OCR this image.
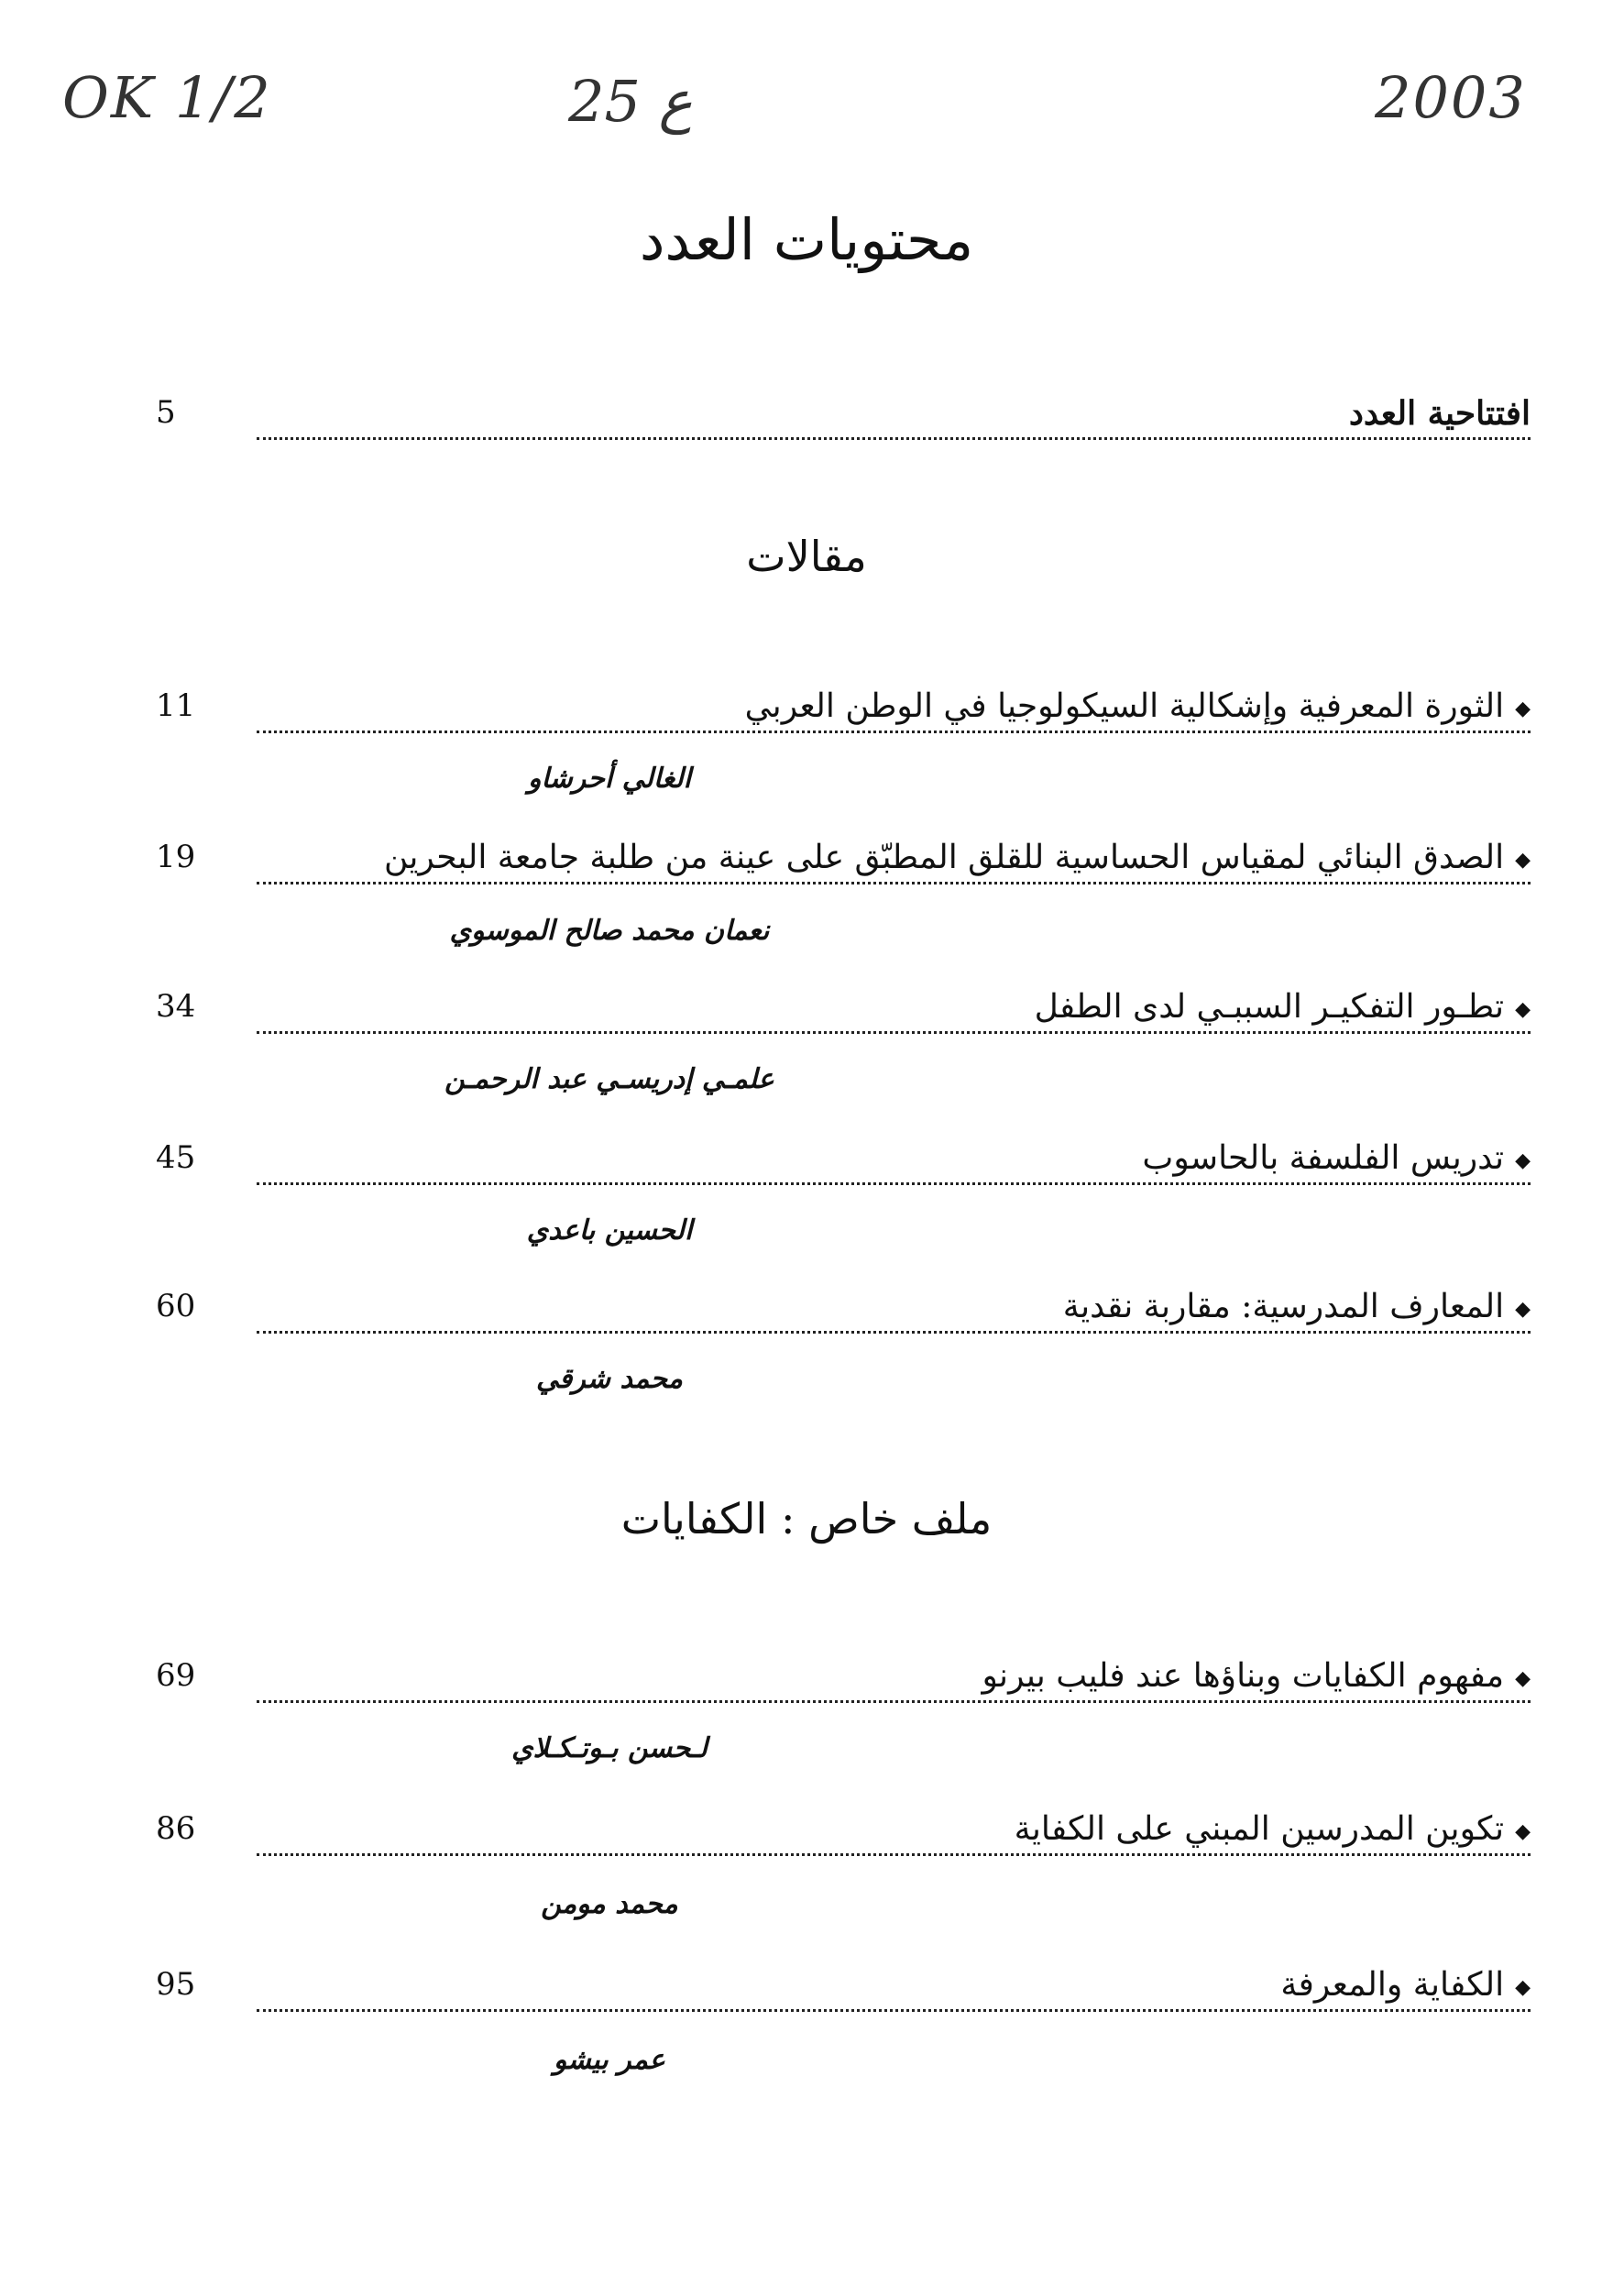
OK 1/2	25 ع	2003
محتويات العدد
5	افتتاحية العدد
مقالات
11	◆الثورة المعرفية وإشكالية السيكولوجيا في الوطن العربي
الغالي أحرشاو
19	◆الصدق البنائي لمقياس الحساسية للقلق المطبّق على عينة من طلبة جامعة البحرين
نعمان محمد صالح الموسوي
34	◆تطـور التفكيـر السببـي لدى الطفل
علمـي إدريسـي عبد الرحمـن
45	◆تدريس الفلسفة بالحاسوب
الحسين باعدي
60	◆المعارف المدرسية: مقاربة نقدية
محمد شرقي
ملف خاص : الكفايات
69	◆مفهوم الكفايات وبناؤها عند فليب بيرنو
لـحسن بـوتـكـلاي
86	◆تكوين المدرسين المبني على الكفاية
محمد مومن
95	◆الكفاية والمعرفة
عمر بيشو
